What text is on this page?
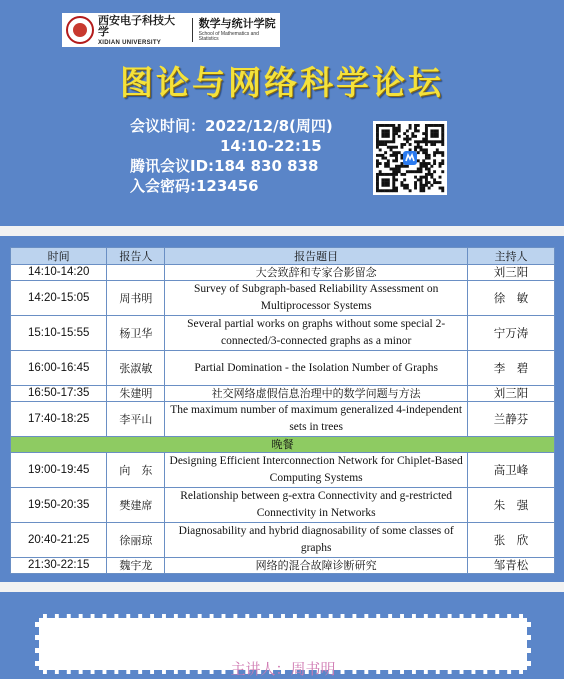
西安电子科技大学
XIDIAN UNIVERSITY
数学与统计学院
School of Mathematics and Statistics
图论与网络科学论坛
会议时间：2022/12/8(周四)
14:10-22:15
腾讯会议ID:184 830 838
入会密码:123456
时间	报告人	报告题目	主持人
14:10-14:20		大会致辞和专家合影留念	刘三阳
14:20-15:05	周书明	Survey of Subgraph-based Reliability Assessment on Multiprocessor Systems	徐　敏
15:10-15:55	杨卫华	Several partial works on graphs without some special 2-connected/3-connected graphs as a minor	宁万涛
16:00-16:45	张淑敏	Partial Domination - the Isolation Number of Graphs	李　碧
16:50-17:35	朱建明	社交网络虚假信息治理中的数学问题与方法	刘三阳
17:40-18:25	李平山	The maximum number of maximum generalized 4-independent sets in trees	兰静芬
晚餐			
19:00-19:45	向　东	Designing Efficient Interconnection Network for Chiplet-Based Computing Systems	高卫峰
19:50-20:35	樊建席	Relationship between g-extra Connectivity and g-restricted Connectivity in Networks	朱　强
20:40-21:25	徐丽琼	Diagnosability and hybrid diagnosability of some classes of graphs	张　欣
21:30-22:15	魏宇龙	网络的混合故障诊断研究	邹青松
主讲人：周书明
